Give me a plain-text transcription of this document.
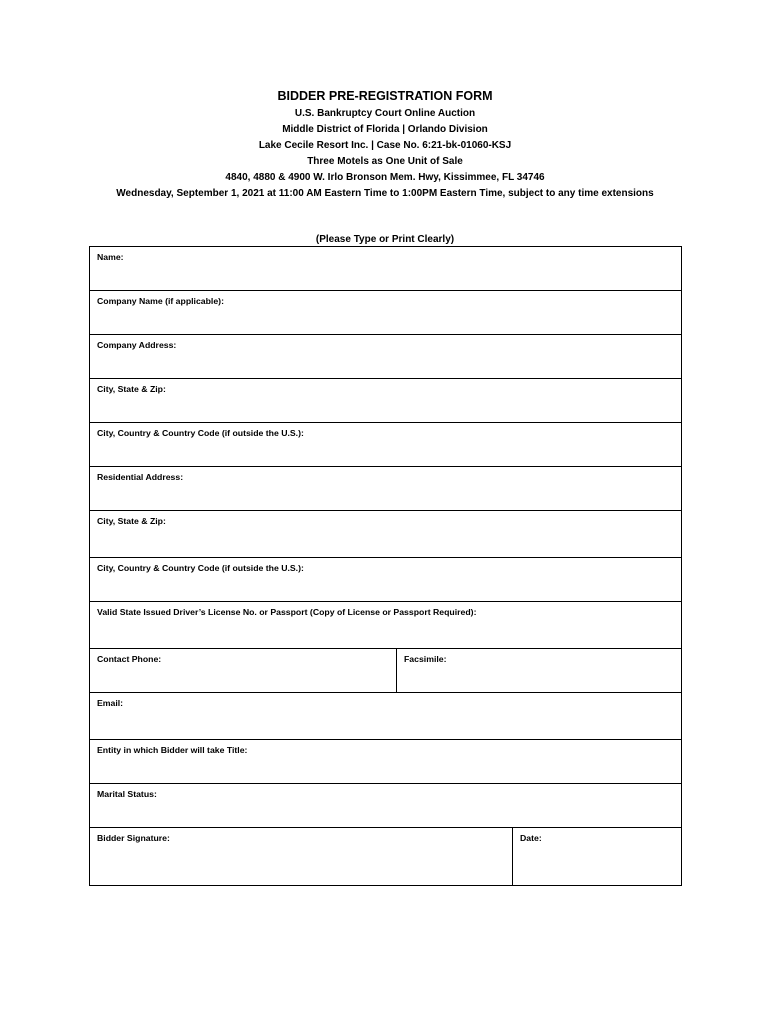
BIDDER PRE-REGISTRATION FORM
U.S. Bankruptcy Court Online Auction
Middle District of Florida | Orlando Division
Lake Cecile Resort Inc. | Case No. 6:21-bk-01060-KSJ
Three Motels as One Unit of Sale
4840, 4880 & 4900 W. Irlo Bronson Mem. Hwy, Kissimmee, FL 34746
Wednesday, September 1, 2021 at 11:00 AM Eastern Time to 1:00PM Eastern Time, subject to any time extensions
(Please Type or Print Clearly)
Name:		
Company Name (if applicable):		
Company Address:		
City, State & Zip:		
City, Country & Country Code (if outside the U.S.):		
Residential Address:		
City, State & Zip:		
City, Country & Country Code (if outside the U.S.):		
Valid State Issued Driver’s License No. or Passport (Copy of License or Passport Required):		
Contact Phone:	Facsimile:	
Email:		
Entity in which Bidder will take Title:		
Marital Status:		
Bidder Signature:		Date:
